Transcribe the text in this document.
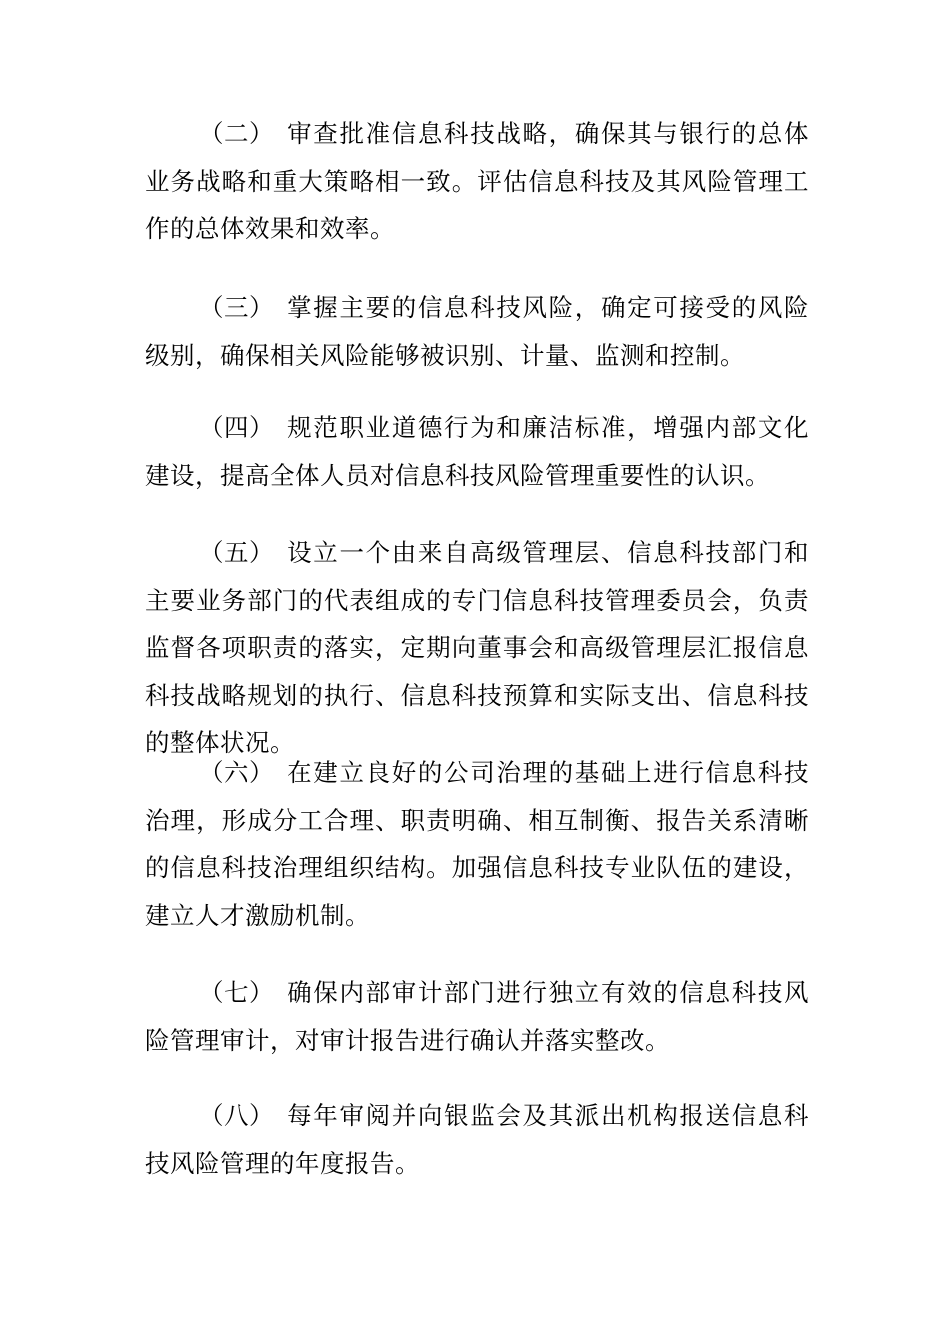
（二） 审查批准信息科技战略，确保其与银行的总体业务战略和重大策略相一致。评估信息科技及其风险管理工作的总体效果和效率。

（三） 掌握主要的信息科技风险，确定可接受的风险级别，确保相关风险能够被识别、计量、监测和控制。

（四） 规范职业道德行为和廉洁标准，增强内部文化建设，提高全体人员对信息科技风险管理重要性的认识。

（五） 设立一个由来自高级管理层、信息科技部门和主要业务部门的代表组成的专门信息科技管理委员会，负责监督各项职责的落实，定期向董事会和高级管理层汇报信息科技战略规划的执行、信息科技预算和实际支出、信息科技的整体状况。

（六） 在建立良好的公司治理的基础上进行信息科技治理，形成分工合理、职责明确、相互制衡、报告关系清晰的信息科技治理组织结构。加强信息科技专业队伍的建设，建立人才激励机制。

（七） 确保内部审计部门进行独立有效的信息科技风险管理审计，对审计报告进行确认并落实整改。

（八） 每年审阅并向银监会及其派出机构报送信息科技风险管理的年度报告。
